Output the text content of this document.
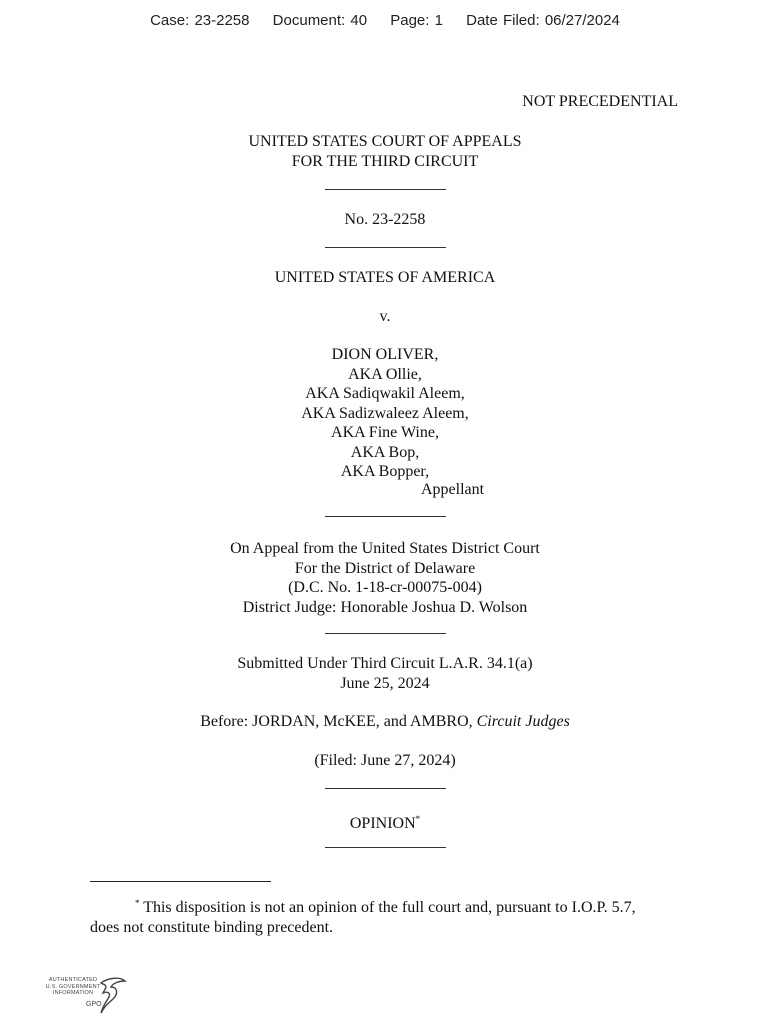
Case: 23-2258 Document: 40 Page: 1 Date Filed: 06/27/2024
NOT PRECEDENTIAL
UNITED STATES COURT OF APPEALS
FOR THE THIRD CIRCUIT
No. 23-2258
UNITED STATES OF AMERICA
v.
DION OLIVER,
AKA Ollie,
AKA Sadiqwakil Aleem,
AKA Sadizwaleez Aleem,
AKA Fine Wine,
AKA Bop,
AKA Bopper,
Appellant
On Appeal from the United States District Court
For the District of Delaware
(D.C. No. 1-18-cr-00075-004)
District Judge: Honorable Joshua D. Wolson
Submitted Under Third Circuit L.A.R. 34.1(a)
June 25, 2024
Before: JORDAN, McKEE, and AMBRO, Circuit Judges
(Filed: June 27, 2024)
OPINION*
* This disposition is not an opinion of the full court and, pursuant to I.O.P. 5.7,
does not constitute binding precedent.
AUTHENTICATED
U.S. GOVERNMENT
INFORMATION
GPO
